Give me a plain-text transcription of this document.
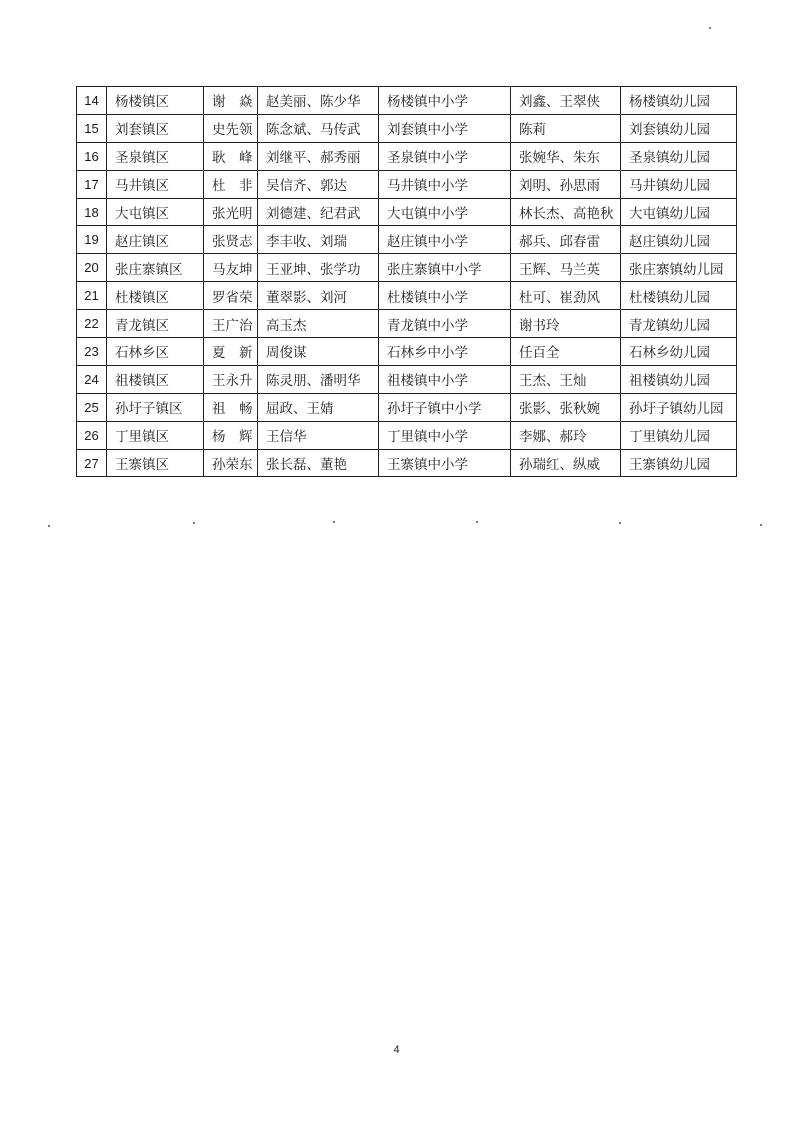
14	杨楼镇区	谢　焱	赵美丽、陈少华	杨楼镇中小学	刘鑫、王翠侠	杨楼镇幼儿园
15	刘套镇区	史先领	陈念斌、马传武	刘套镇中小学	陈莉	刘套镇幼儿园
16	圣泉镇区	耿　峰	刘继平、郝秀丽	圣泉镇中小学	张婉华、朱东	圣泉镇幼儿园
17	马井镇区	杜　非	吴信齐、郭达	马井镇中小学	刘明、孙思雨	马井镇幼儿园
18	大屯镇区	张光明	刘德建、纪君武	大屯镇中小学	林长杰、高艳秋	大屯镇幼儿园
19	赵庄镇区	张贤志	李丰收、刘瑞	赵庄镇中小学	郝兵、邱春雷	赵庄镇幼儿园
20	张庄寨镇区	马友坤	王亚坤、张学功	张庄寨镇中小学	王辉、马兰英	张庄寨镇幼儿园
21	杜楼镇区	罗省荣	董翠影、刘河	杜楼镇中小学	杜可、崔劲风	杜楼镇幼儿园
22	青龙镇区	王广治	高玉杰	青龙镇中小学	谢书玲	青龙镇幼儿园
23	石林乡区	夏　新	周俊谋	石林乡中小学	任百全	石林乡幼儿园
24	祖楼镇区	王永升	陈灵朋、潘明华	祖楼镇中小学	王杰、王灿	祖楼镇幼儿园
25	孙圩子镇区	祖　畅	屈政、王婧	孙圩子镇中小学	张影、张秋婉	孙圩子镇幼儿园
26	丁里镇区	杨　辉	王信华	丁里镇中小学	李娜、郝玲	丁里镇幼儿园
27	王寨镇区	孙荣东	张长磊、董艳	王寨镇中小学	孙瑞红、纵威	王寨镇幼儿园
4
